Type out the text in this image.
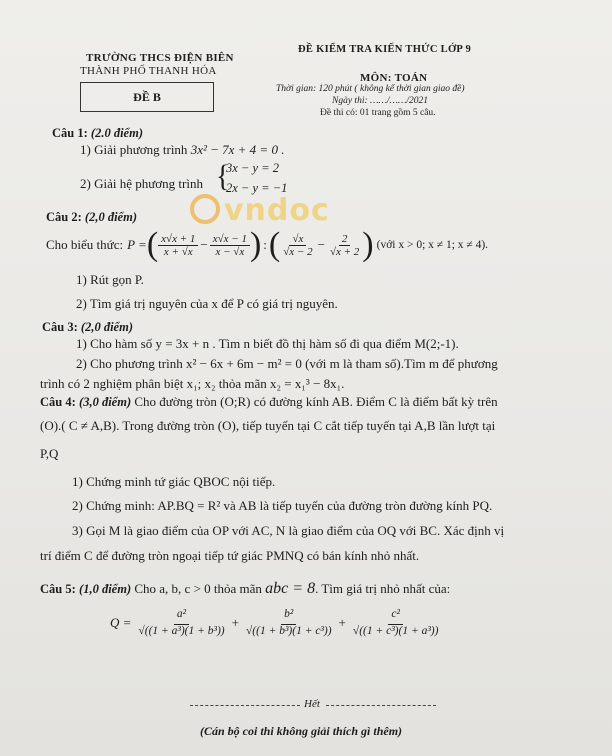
TRƯỜNG THCS ĐIỆN BIÊN
THÀNH PHỐ THANH HÓA
ĐỀ B
ĐỀ KIỂM TRA KIẾN THỨC LỚP 9
MÔN: TOÁN
Thời gian: 120 phút ( không kể thời gian giao đề)
Ngày thi: ……/……/2021
Đề thi có: 01 trang gồm 5 câu.
vndoc
Câu 1: (2.0 điểm)
1) Giải phương trình 3x² − 7x + 4 = 0 .
2) Giải hệ phương trình {
3x − y = 2
2x − y = −1
Câu 2: (2,0 điểm)
Cho biểu thức: P = ( $\frac{x√x + 1}{x + √x} - \frac{x√x - 1}{x - √x}$ ) : ( $\frac{√x}{√x - 2} - \frac{2}{√x + 2}$ ) (với x > 0; x ≠ 1; x ≠ 4).
1) Rút gọn P.
2) Tìm giá trị nguyên của x để P có giá trị nguyên.
Câu 3: (2,0 điểm)
1) Cho hàm số y = 3x + n . Tìm n biết đồ thị hàm số đi qua điểm M(2;-1).
2) Cho phương trình x² − 6x + 6m − m² = 0 (với m là tham số).Tìm m để phương
trình có 2 nghiệm phân biệt x₁; x₂ thỏa mãn x₂ = x₁³ − 8x₁.
Câu 4: (3,0 điểm) Cho đường tròn (O;R) có đường kính AB. Điểm C là điểm bất kỳ trên
(O).( C ≠ A,B). Trong đường tròn (O), tiếp tuyến tại C cắt tiếp tuyến tại A,B lần lượt tại
P,Q
1) Chứng minh tứ giác QBOC nội tiếp.
2) Chứng minh: AP.BQ = R² và AB là tiếp tuyến của đường tròn đường kính PQ.
3) Gọi M là giao điểm của OP với AC, N là giao điểm của OQ với BC. Xác định vị
trí điểm C để đường tròn ngoại tiếp tứ giác PMNQ có bán kính nhỏ nhất.
Câu 5: (1,0 điểm) Cho a, b, c > 0 thỏa mãn abc = 8. Tìm giá trị nhỏ nhất của:
$Q = \frac{\text{a²}}{\text{√((1 + a³)(1 + b³))}} + \frac{\text{b²}}{\text{√((1 + b³)(1 + c³))}} + \frac{\text{c²}}{\text{√((1 + c³)(1 + a³))}}$
Hết
(Cán bộ coi thi không giải thích gì thêm)
